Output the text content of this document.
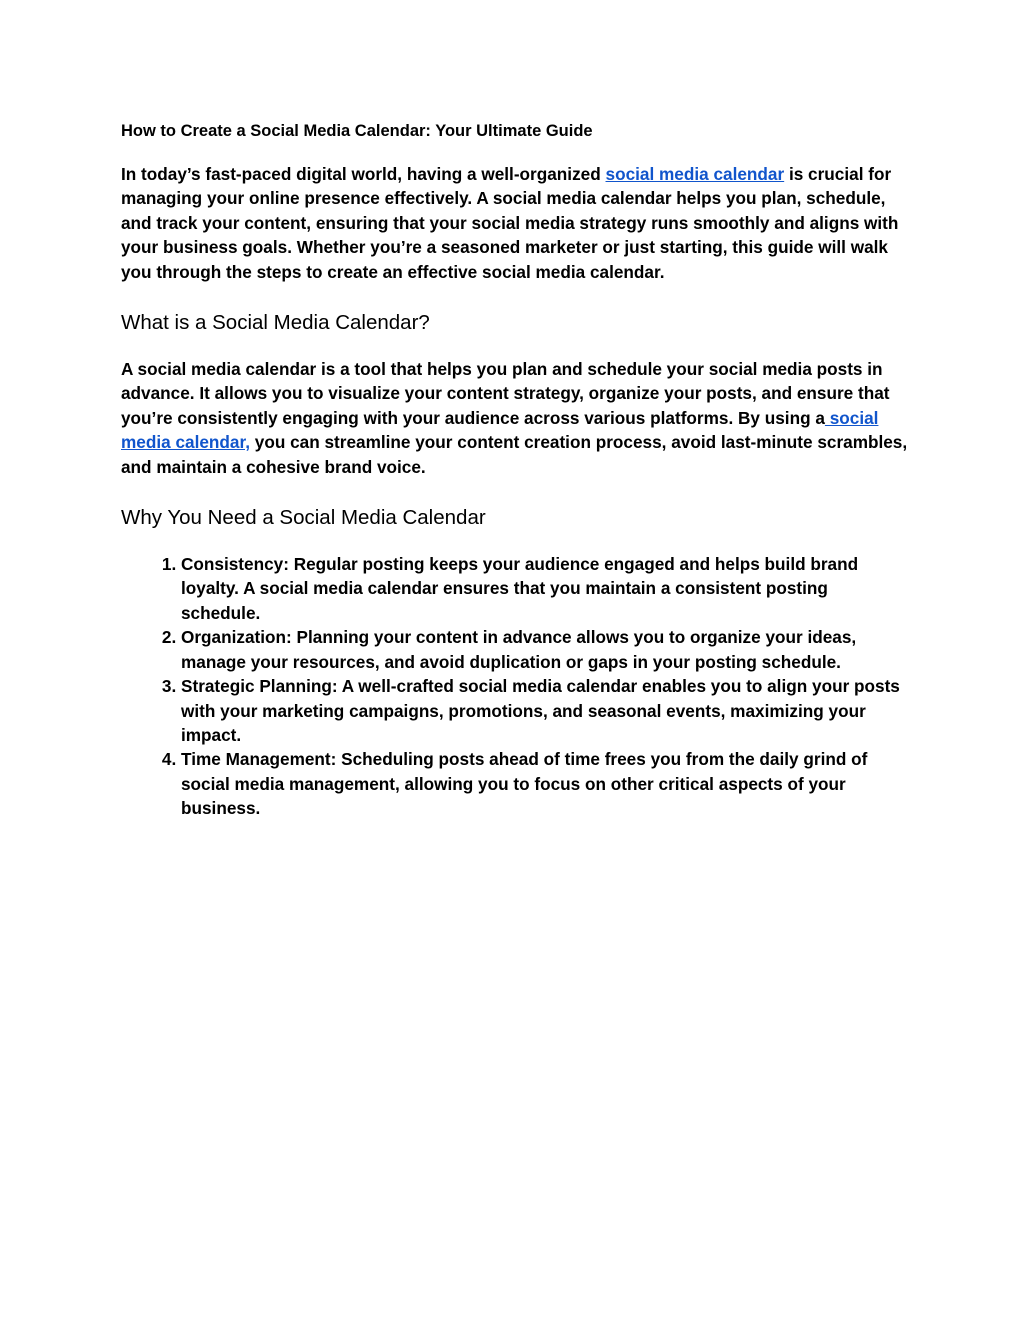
How to Create a Social Media Calendar: Your Ultimate Guide

In today’s fast-paced digital world, having a well-organized social media calendar is crucial for managing your online presence effectively. A social media calendar helps you plan, schedule, and track your content, ensuring that your social media strategy runs smoothly and aligns with your business goals. Whether you’re a seasoned marketer or just starting, this guide will walk you through the steps to create an effective social media calendar.

What is a Social Media Calendar?

A social media calendar is a tool that helps you plan and schedule your social media posts in advance. It allows you to visualize your content strategy, organize your posts, and ensure that you’re consistently engaging with your audience across various platforms. By using a social media calendar, you can streamline your content creation process, avoid last-minute scrambles, and maintain a cohesive brand voice.

Why You Need a Social Media Calendar
1. Consistency: Regular posting keeps your audience engaged and helps build brand loyalty. A social media calendar ensures that you maintain a consistent posting schedule.
2. Organization: Planning your content in advance allows you to organize your ideas, manage your resources, and avoid duplication or gaps in your posting schedule.
3. Strategic Planning: A well-crafted social media calendar enables you to align your posts with your marketing campaigns, promotions, and seasonal events, maximizing your impact.
4. Time Management: Scheduling posts ahead of time frees you from the daily grind of social media management, allowing you to focus on other critical aspects of your business.
